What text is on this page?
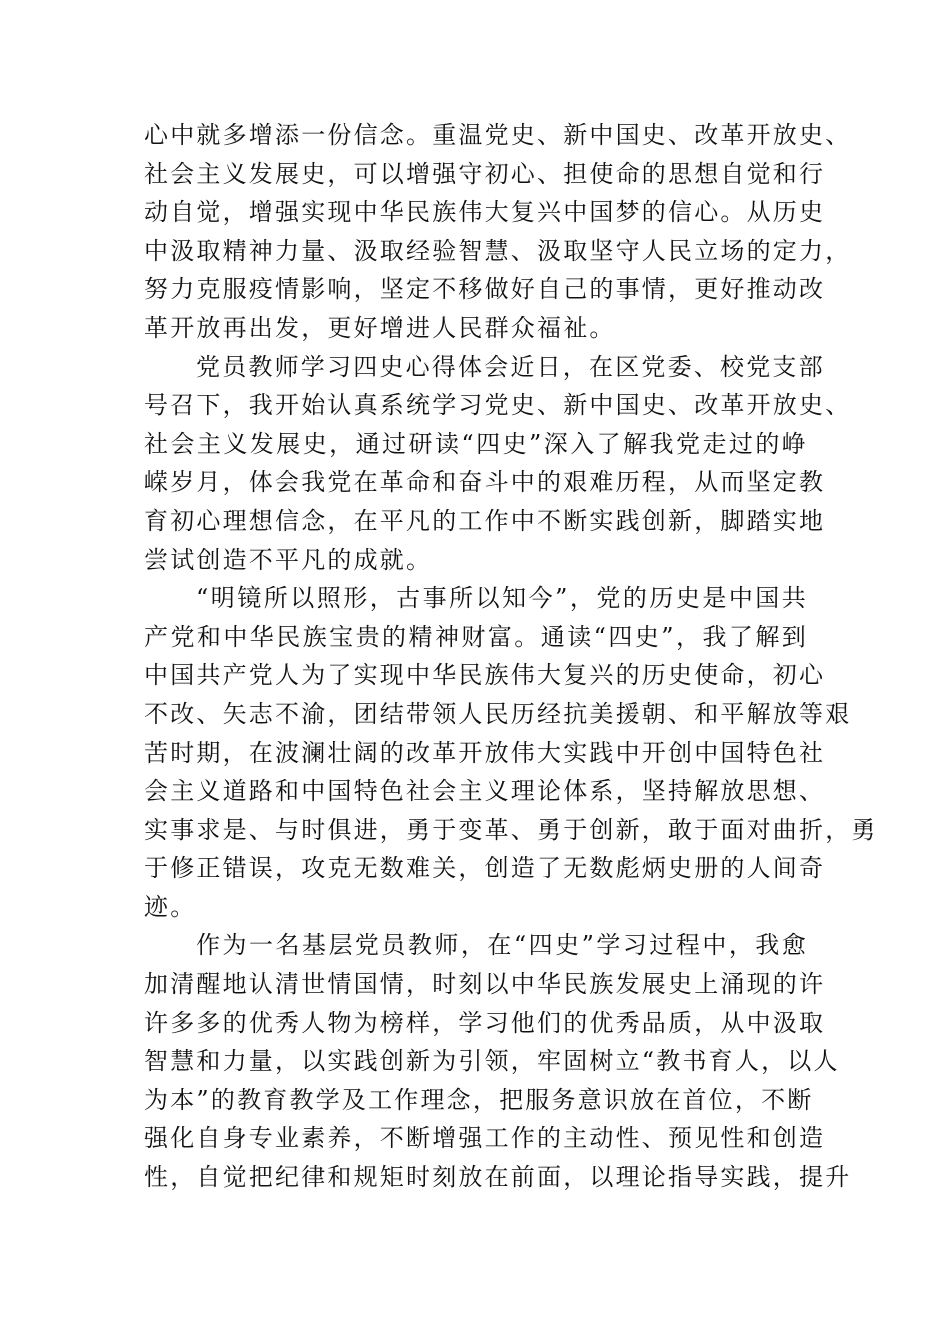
心中就多增添一份信念。重温党史、新中国史、改革开放史、
社会主义发展史，可以增强守初心、担使命的思想自觉和行
动自觉，增强实现中华民族伟大复兴中国梦的信心。从历史
中汲取精神力量、汲取经验智慧、汲取坚守人民立场的定力，
努力克服疫情影响，坚定不移做好自己的事情，更好推动改
革开放再出发，更好增进人民群众福祉。

党员教师学习四史心得体会近日，在区党委、校党支部
号召下，我开始认真系统学习党史、新中国史、改革开放史、
社会主义发展史，通过研读“四史”深入了解我党走过的峥
嵘岁月，体会我党在革命和奋斗中的艰难历程，从而坚定教
育初心理想信念，在平凡的工作中不断实践创新，脚踏实地
尝试创造不平凡的成就。

“明镜所以照形，古事所以知今”，党的历史是中国共
产党和中华民族宝贵的精神财富。通读“四史”，我了解到
中国共产党人为了实现中华民族伟大复兴的历史使命，初心
不改、矢志不渝，团结带领人民历经抗美援朝、和平解放等艰
苦时期，在波澜壮阔的改革开放伟大实践中开创中国特色社
会主义道路和中国特色社会主义理论体系，坚持解放思想、
实事求是、与时俱进，勇于变革、勇于创新，敢于面对曲折，勇
于修正错误，攻克无数难关，创造了无数彪炳史册的人间奇
迹。

作为一名基层党员教师，在“四史”学习过程中，我愈
加清醒地认清世情国情，时刻以中华民族发展史上涌现的许
许多多的优秀人物为榜样，学习他们的优秀品质，从中汲取
智慧和力量，以实践创新为引领，牢固树立“教书育人，以人
为本”的教育教学及工作理念，把服务意识放在首位，不断
强化自身专业素养，不断增强工作的主动性、预见性和创造
性，自觉把纪律和规矩时刻放在前面，以理论指导实践，提升
